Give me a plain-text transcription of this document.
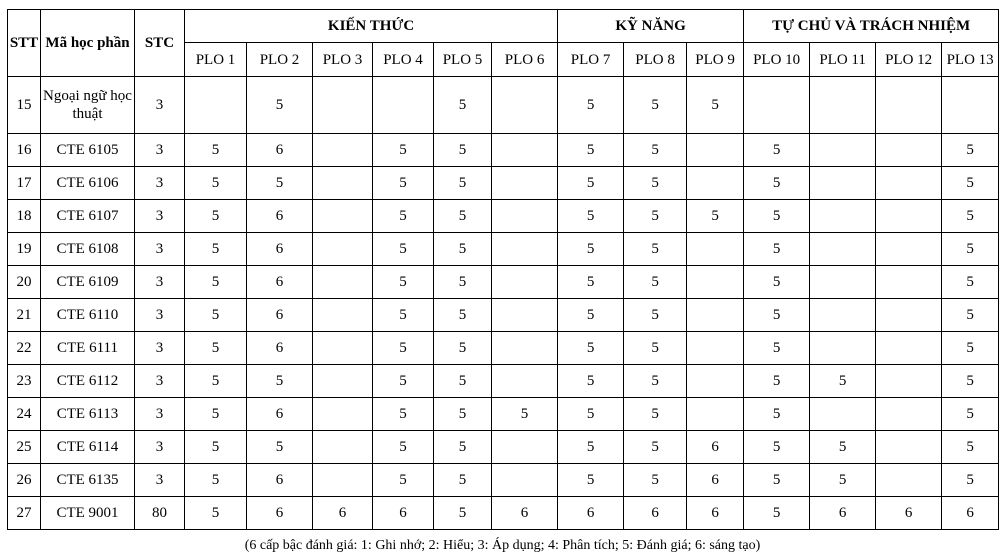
STT	Mã học phần	STC	KIẾN THỨC						KỸ NĂNG			TỰ CHỦ VÀ TRÁCH NHIỆM			
			PLO 1	PLO 2	PLO 3	PLO 4	PLO 5	PLO 6	PLO 7	PLO 8	PLO 9	PLO 10	PLO 11	PLO 12	PLO 13
15	Ngoại ngữ học thuật	3		5			5		5	5	5				
16	CTE 6105	3	5	6		5	5		5	5		5			5
17	CTE 6106	3	5	5		5	5		5	5		5			5
18	CTE 6107	3	5	6		5	5		5	5	5	5			5
19	CTE 6108	3	5	6		5	5		5	5		5			5
20	CTE 6109	3	5	6		5	5		5	5		5			5
21	CTE 6110	3	5	6		5	5		5	5		5			5
22	CTE 6111	3	5	6		5	5		5	5		5			5
23	CTE 6112	3	5	5		5	5		5	5		5	5		5
24	CTE 6113	3	5	6		5	5	5	5	5		5			5
25	CTE 6114	3	5	5		5	5		5	5	6	5	5		5
26	CTE 6135	3	5	6		5	5		5	5	6	5	5		5
27	CTE 9001	80	5	6	6	6	5	6	6	6	6	5	6	6	6
(6 cấp bậc đánh giá: 1: Ghi nhớ; 2: Hiểu; 3: Áp dụng; 4: Phân tích; 5: Đánh giá; 6: sáng tạo)
